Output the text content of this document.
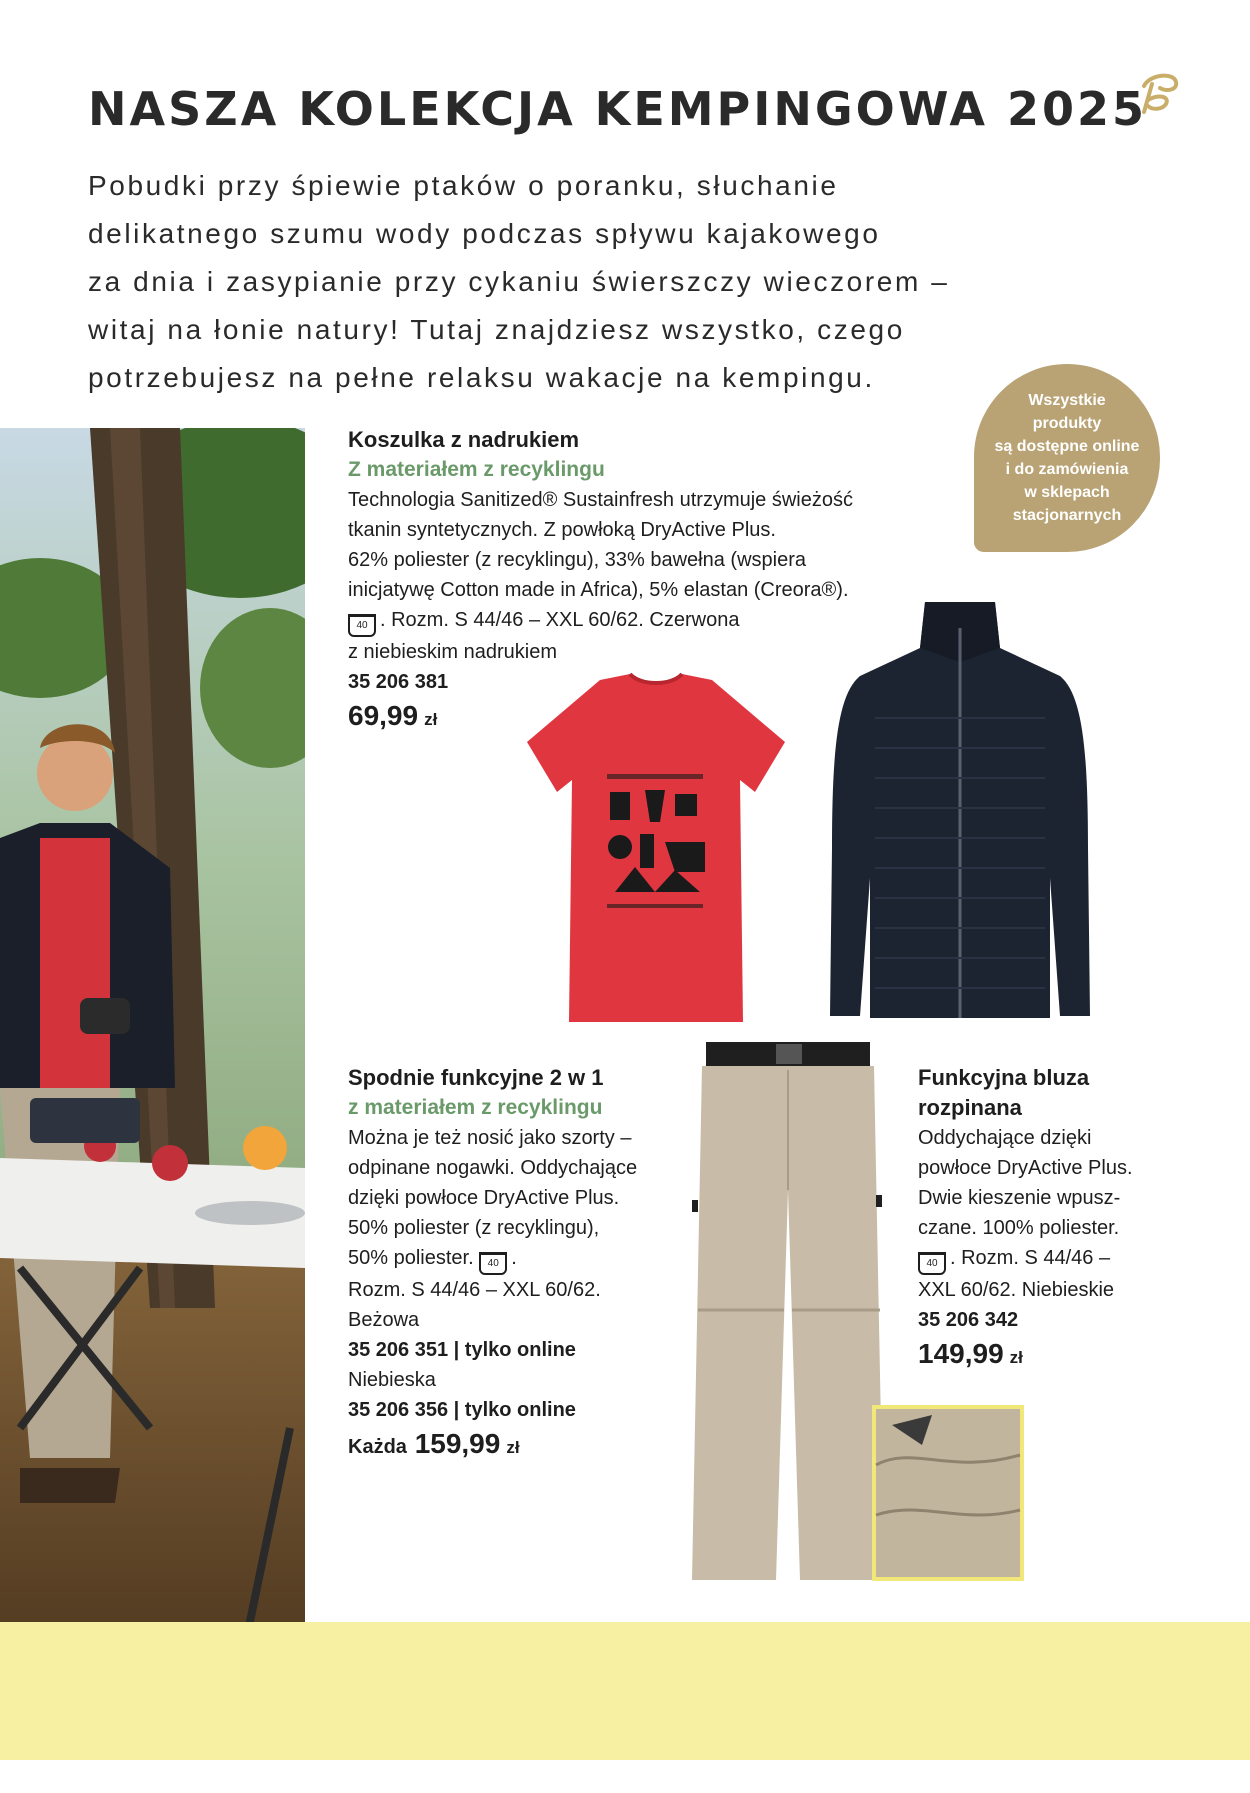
NASZA KOLEKCJA KEMPINGOWA 2025
Pobudki przy śpiewie ptaków o poranku, słuchanie
delikatnego szumu wody podczas spływu kajakowego
za dnia i zasypianie przy cykaniu świerszczy wieczorem –
witaj na łonie natury! Tutaj znajdziesz wszystko, czego
potrzebujesz na pełne relaksu wakacje na kempingu.
Wszystkie
produkty
są dostępne online
i do zamówienia
w sklepach
stacjonarnych
Koszulka z nadrukiem
Z materiałem z recyklingu
Technologia Sanitized® Sustainfresh utrzymuje świeżość
tkanin syntetycznych. Z powłoką DryActive Plus.
62% poliester (z recyklingu), 33% bawełna (wspiera
inicjatywę Cotton made in Africa), 5% elastan (Creora®).
40 . Rozm. S 44/46 – XXL 60/62. Czerwona
z niebieskim nadrukiem
35 206 381
69,99 zł
Spodnie funkcyjne 2 w 1
z materiałem z recyklingu
Można je też nosić jako szorty –
odpinane nogawki. Oddychające
dzięki powłoce DryActive Plus.
50% poliester (z recyklingu),
50% poliester. 40 .
Rozm. S 44/46 – XXL 60/62.
Beżowa
35 206 351 | tylko online
Niebieska
35 206 356 | tylko online
Każda 159,99 zł
Funkcyjna bluza
rozpinana
Oddychające dzięki
powłoce DryActive Plus.
Dwie kieszenie wpusz-
czane. 100% poliester.
40 . Rozm. S 44/46 –
XXL 60/62. Niebieskie
35 206 342
149,99 zł
